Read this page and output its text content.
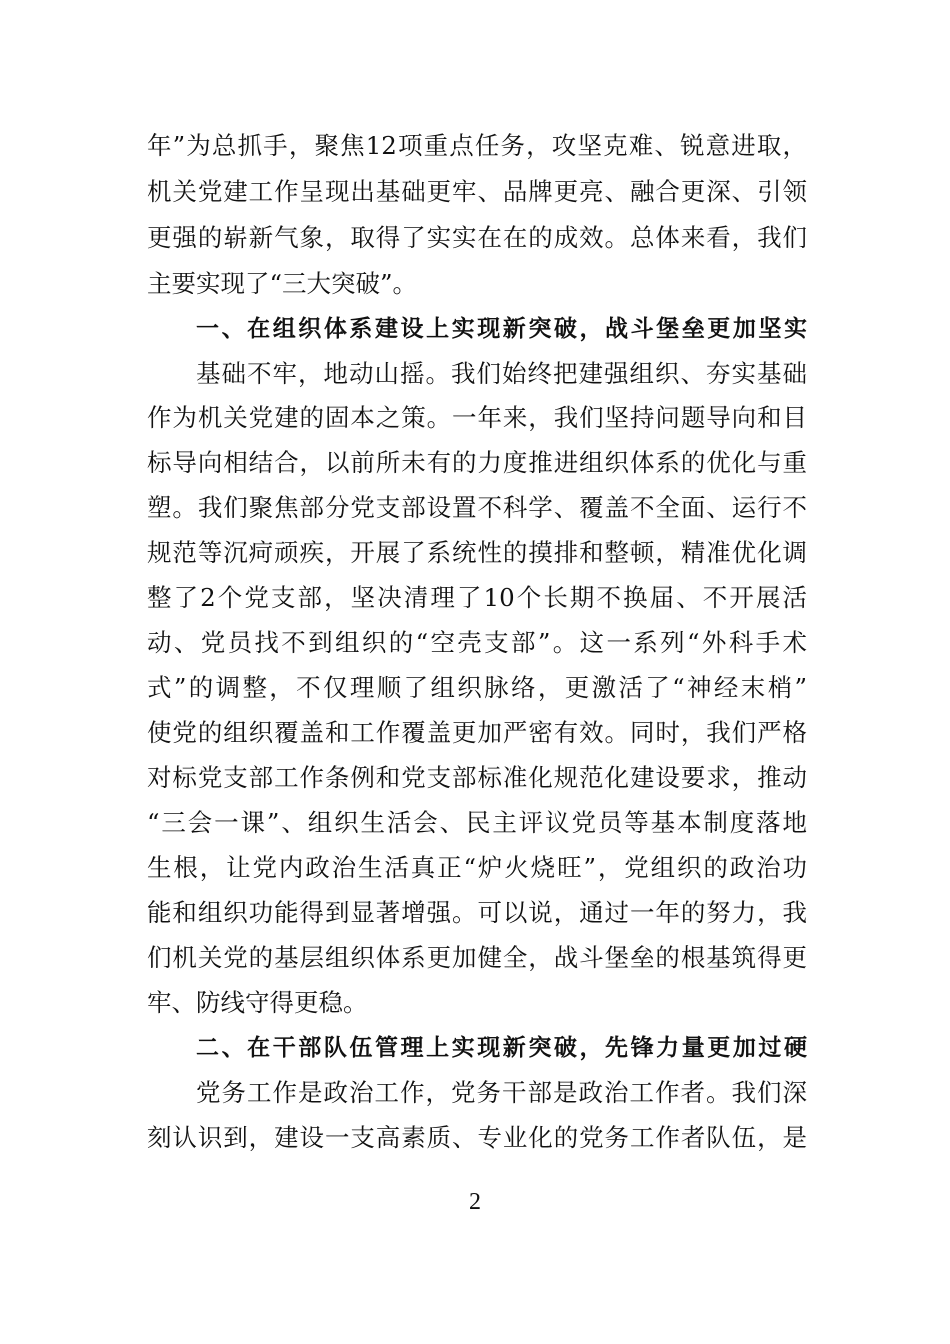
年”为总抓手，聚焦12项重点任务，攻坚克难、锐意进取，
机关党建工作呈现出基础更牢、品牌更亮、融合更深、引领
更强的崭新气象，取得了实实在在的成效。总体来看，我们
主要实现了“三大突破”。
一、在组织体系建设上实现新突破，战斗堡垒更加坚实
基础不牢，地动山摇。我们始终把建强组织、夯实基础
作为机关党建的固本之策。一年来，我们坚持问题导向和目
标导向相结合，以前所未有的力度推进组织体系的优化与重
塑。我们聚焦部分党支部设置不科学、覆盖不全面、运行不
规范等沉疴顽疾，开展了系统性的摸排和整顿，精准优化调
整了2个党支部，坚决清理了10个长期不换届、不开展活
动、党员找不到组织的“空壳支部”。这一系列“外科手术
式”的调整，不仅理顺了组织脉络，更激活了“神经末梢”
使党的组织覆盖和工作覆盖更加严密有效。同时，我们严格
对标党支部工作条例和党支部标准化规范化建设要求，推动
“三会一课”、组织生活会、民主评议党员等基本制度落地
生根，让党内政治生活真正“炉火烧旺”，党组织的政治功
能和组织功能得到显著增强。可以说，通过一年的努力，我
们机关党的基层组织体系更加健全，战斗堡垒的根基筑得更
牢、防线守得更稳。
二、在干部队伍管理上实现新突破，先锋力量更加过硬
党务工作是政治工作，党务干部是政治工作者。我们深
刻认识到，建设一支高素质、专业化的党务工作者队伍，是
2
